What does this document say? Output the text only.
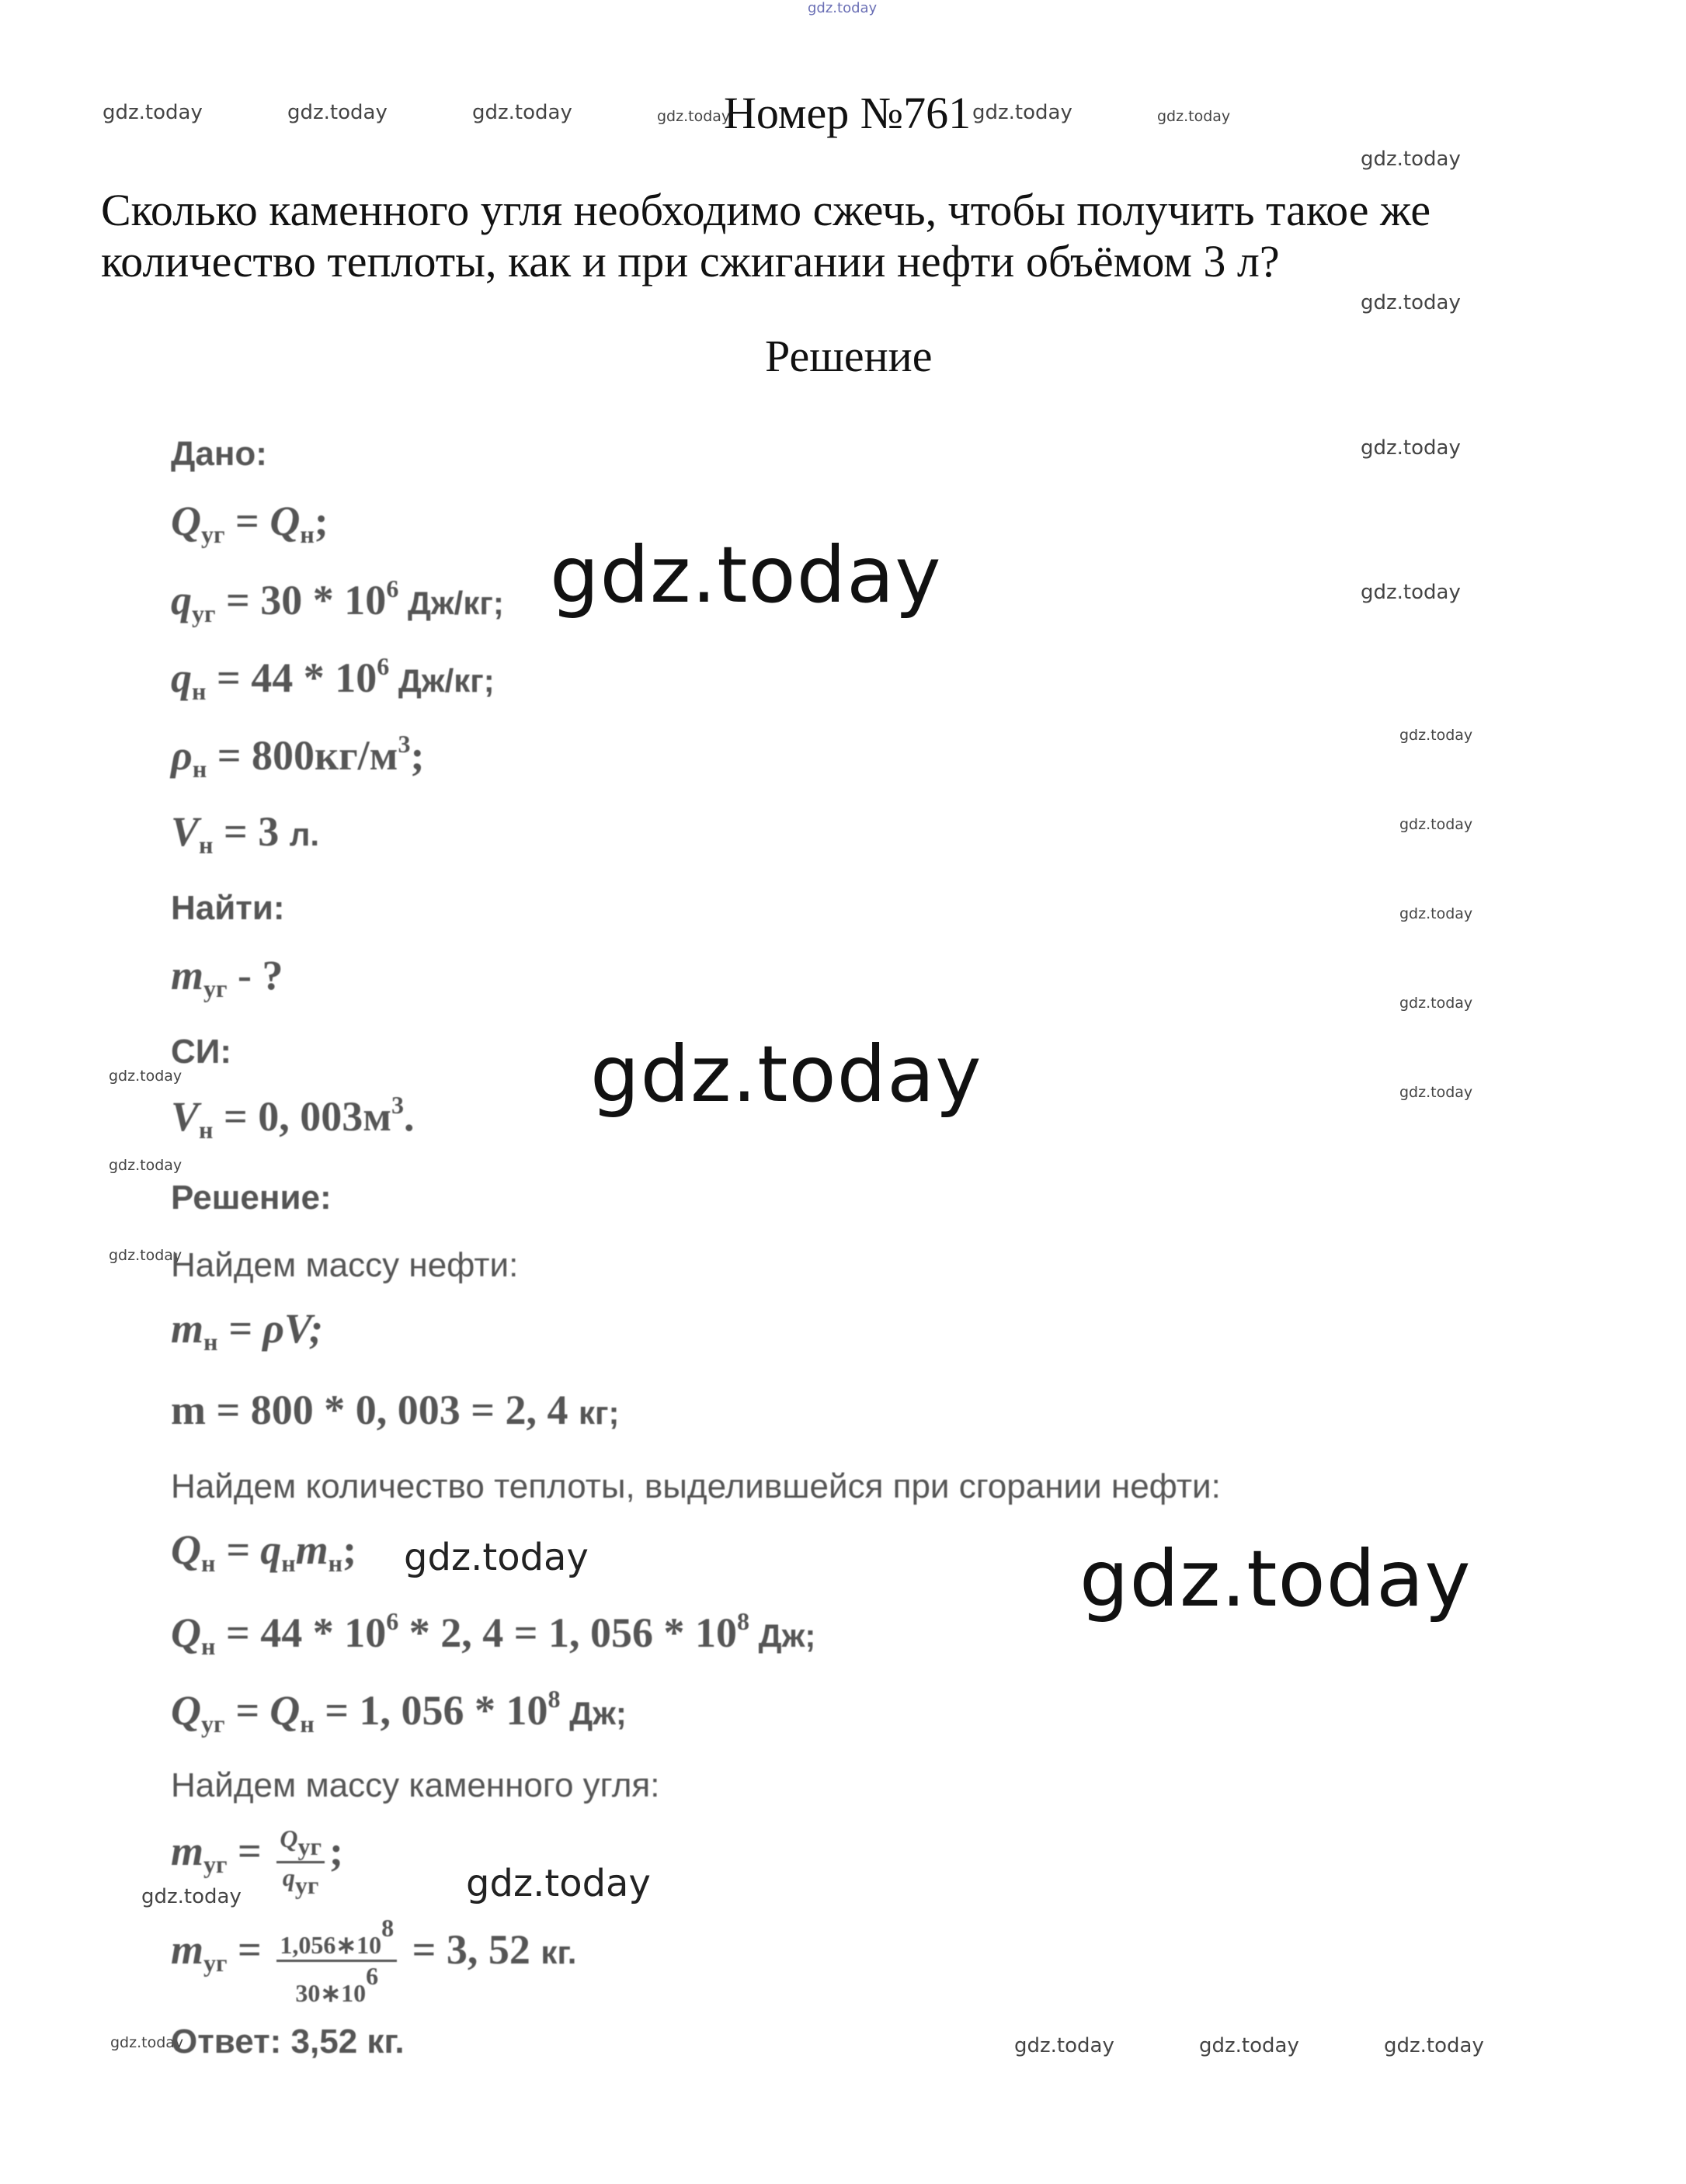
gdz.today
gdz.today	gdz.today	gdz.today	gdz.today	gdz.today	gdz.today
gdz.today
gdz.today
gdz.today
gdz.today
gdz.today
gdz.today
gdz.today
gdz.today
gdz.today
gdz.today
gdz.today
gdz.today
gdz.today
gdz.today	gdz.today	gdz.today	gdz.today
gdz.today
gdz.today
gdz.today
gdz.today
gdz.today
Номер №761
Сколько каменного угля необходимо сжечь, чтобы получить такое же количество теплоты, как и при сжигании нефти объёмом 3 л?
Решение
Дано:
$Q_{уг} = Q_н$;
$q_{уг} = 30 * 10^6$ Дж/кг;
$q_н = 44 * 10^6$ Дж/кг;
$\rho_н = 800кг/м^3$;
$V_н = 3$ л.
Найти:
$m_{уг}$ - ?
СИ:
$V_н = 0$, $003м^3$.
Решение:
Найдем массу нефти:
$m_н = \rho V$;
m = 800 * 0, 003 = 2, 4 кг;
Найдем количество теплоты, выделившейся при сгорании нефти:
$Q_н = q_нm_н$;
$Q_н = 44 * 10^6 * 2$, 4 = 1, $056 * 10^8$ Дж;
$Q_{уг} = Q_н = 1$, $056 * 10^8$ Дж;
Найдем массу каменного угля:
$m_{уг} = \frac{Q_{уг}}{q_{уг}}$ ;
$m_{уг} = \frac{1,056∗10^8}{30∗10^6} = 3$, 52 кг.
Ответ: 3,52 кг.
